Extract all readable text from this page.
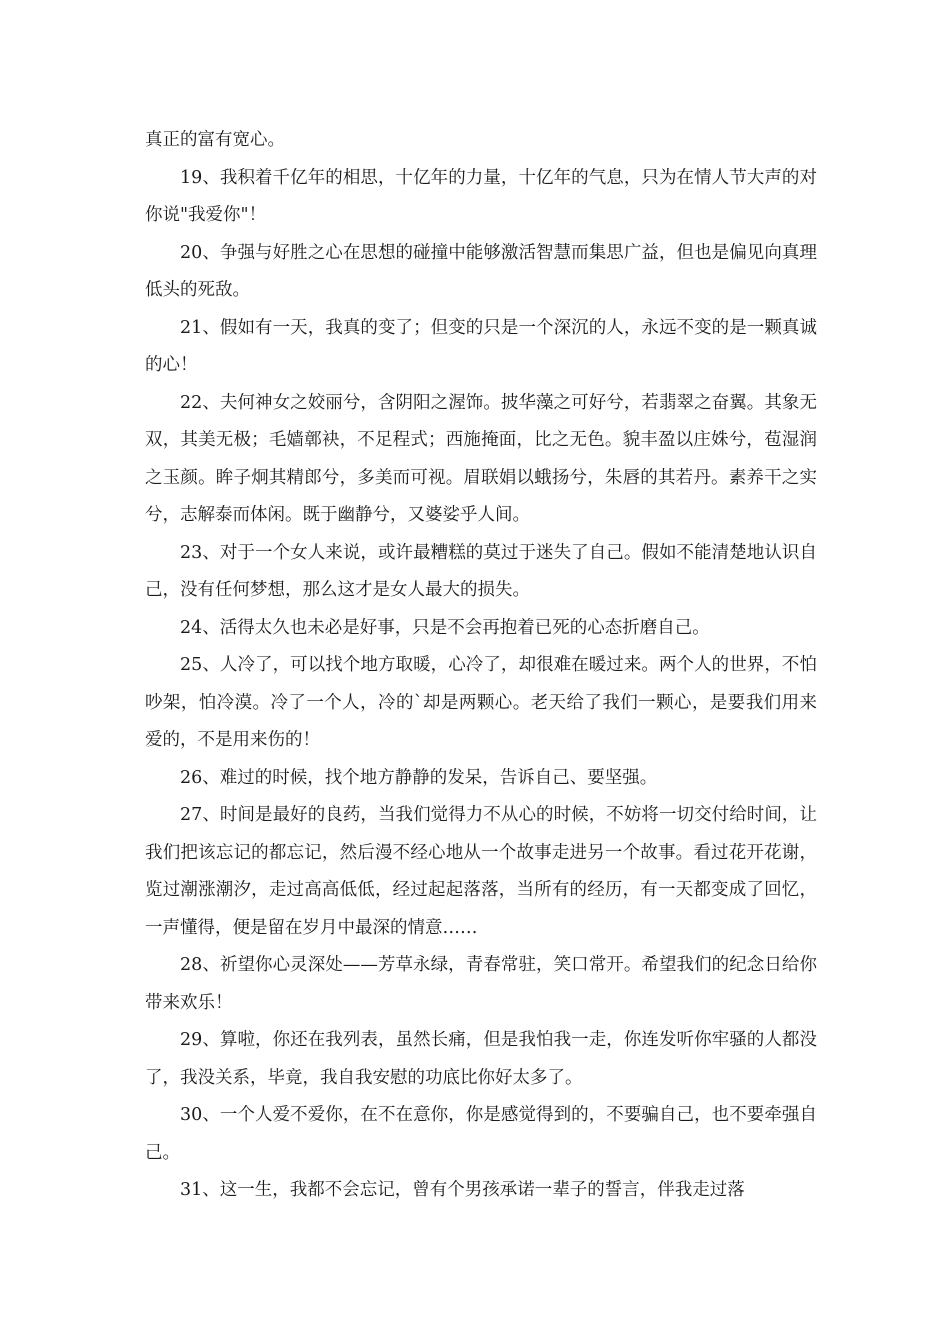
真正的富有宽心。

19、我积着千亿年的相思，十亿年的力量，十亿年的气息，只为在情人节大声的对你说"我爱你"！

20、争强与好胜之心在思想的碰撞中能够激活智慧而集思广益，但也是偏见向真理低头的死敌。

21、假如有一天，我真的变了；但变的只是一个深沉的人，永远不变的是一颗真诚的心！

22、夫何神女之姣丽兮，含阴阳之渥饰。披华藻之可好兮，若翡翠之奋翼。其象无双，其美无极；毛嫱鄣袂，不足程式；西施掩面，比之无色。貌丰盈以庄姝兮，苞湿润之玉颜。眸子炯其精郎兮，多美而可视。眉联娟以蛾扬兮，朱唇的其若丹。素养干之实兮，志解泰而体闲。既于幽静兮，又婆娑乎人间。

23、对于一个女人来说，或许最糟糕的莫过于迷失了自己。假如不能清楚地认识自己，没有任何梦想，那么这才是女人最大的损失。

24、活得太久也未必是好事，只是不会再抱着已死的心态折磨自己。

25、人冷了，可以找个地方取暖，心冷了，却很难在暖过来。两个人的世界，不怕吵架，怕冷漠。冷了一个人，冷的`却是两颗心。老天给了我们一颗心，是要我们用来爱的，不是用来伤的！

26、难过的时候，找个地方静静的发呆，告诉自己、要坚强。

27、时间是最好的良药，当我们觉得力不从心的时候，不妨将一切交付给时间，让我们把该忘记的都忘记，然后漫不经心地从一个故事走进另一个故事。看过花开花谢，览过潮涨潮汐，走过高高低低，经过起起落落，当所有的经历，有一天都变成了回忆，一声懂得，便是留在岁月中最深的情意……

28、祈望你心灵深处——芳草永绿，青春常驻，笑口常开。希望我们的纪念日给你带来欢乐！

29、算啦，你还在我列表，虽然长痛，但是我怕我一走，你连发听你牢骚的人都没了，我没关系，毕竟，我自我安慰的功底比你好太多了。

30、一个人爱不爱你，在不在意你，你是感觉得到的，不要骗自己，也不要牵强自己。

31、这一生，我都不会忘记，曾有个男孩承诺一辈子的誓言，伴我走过落
